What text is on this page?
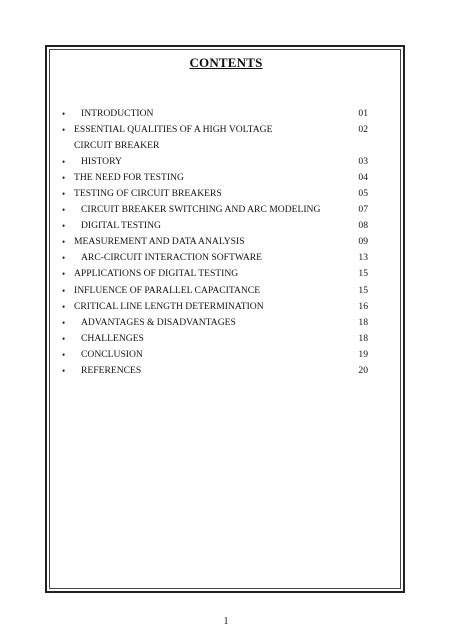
CONTENTS
•	INTRODUCTION	01
• ESSENTIAL QUALITIES OF A HIGH VOLTAGE	02
CIRCUIT BREAKER
•	HISTORY	03
• THE NEED FOR TESTING	04
• TESTING OF CIRCUIT BREAKERS	05
•	CIRCUIT BREAKER SWITCHING AND ARC MODELING	07
•	DIGITAL TESTING	08
• MEASUREMENT AND DATA ANALYSIS	09
•	ARC-CIRCUIT INTERACTION SOFTWARE	13
• APPLICATIONS OF DIGITAL TESTING	15
• INFLUENCE OF PARALLEL CAPACITANCE	15
• CRITICAL LINE LENGTH DETERMINATION	16
•	ADVANTAGES & DISADVANTAGES	18
•	CHALLENGES	18
•	CONCLUSION	19
•	REFERENCES	20
1
